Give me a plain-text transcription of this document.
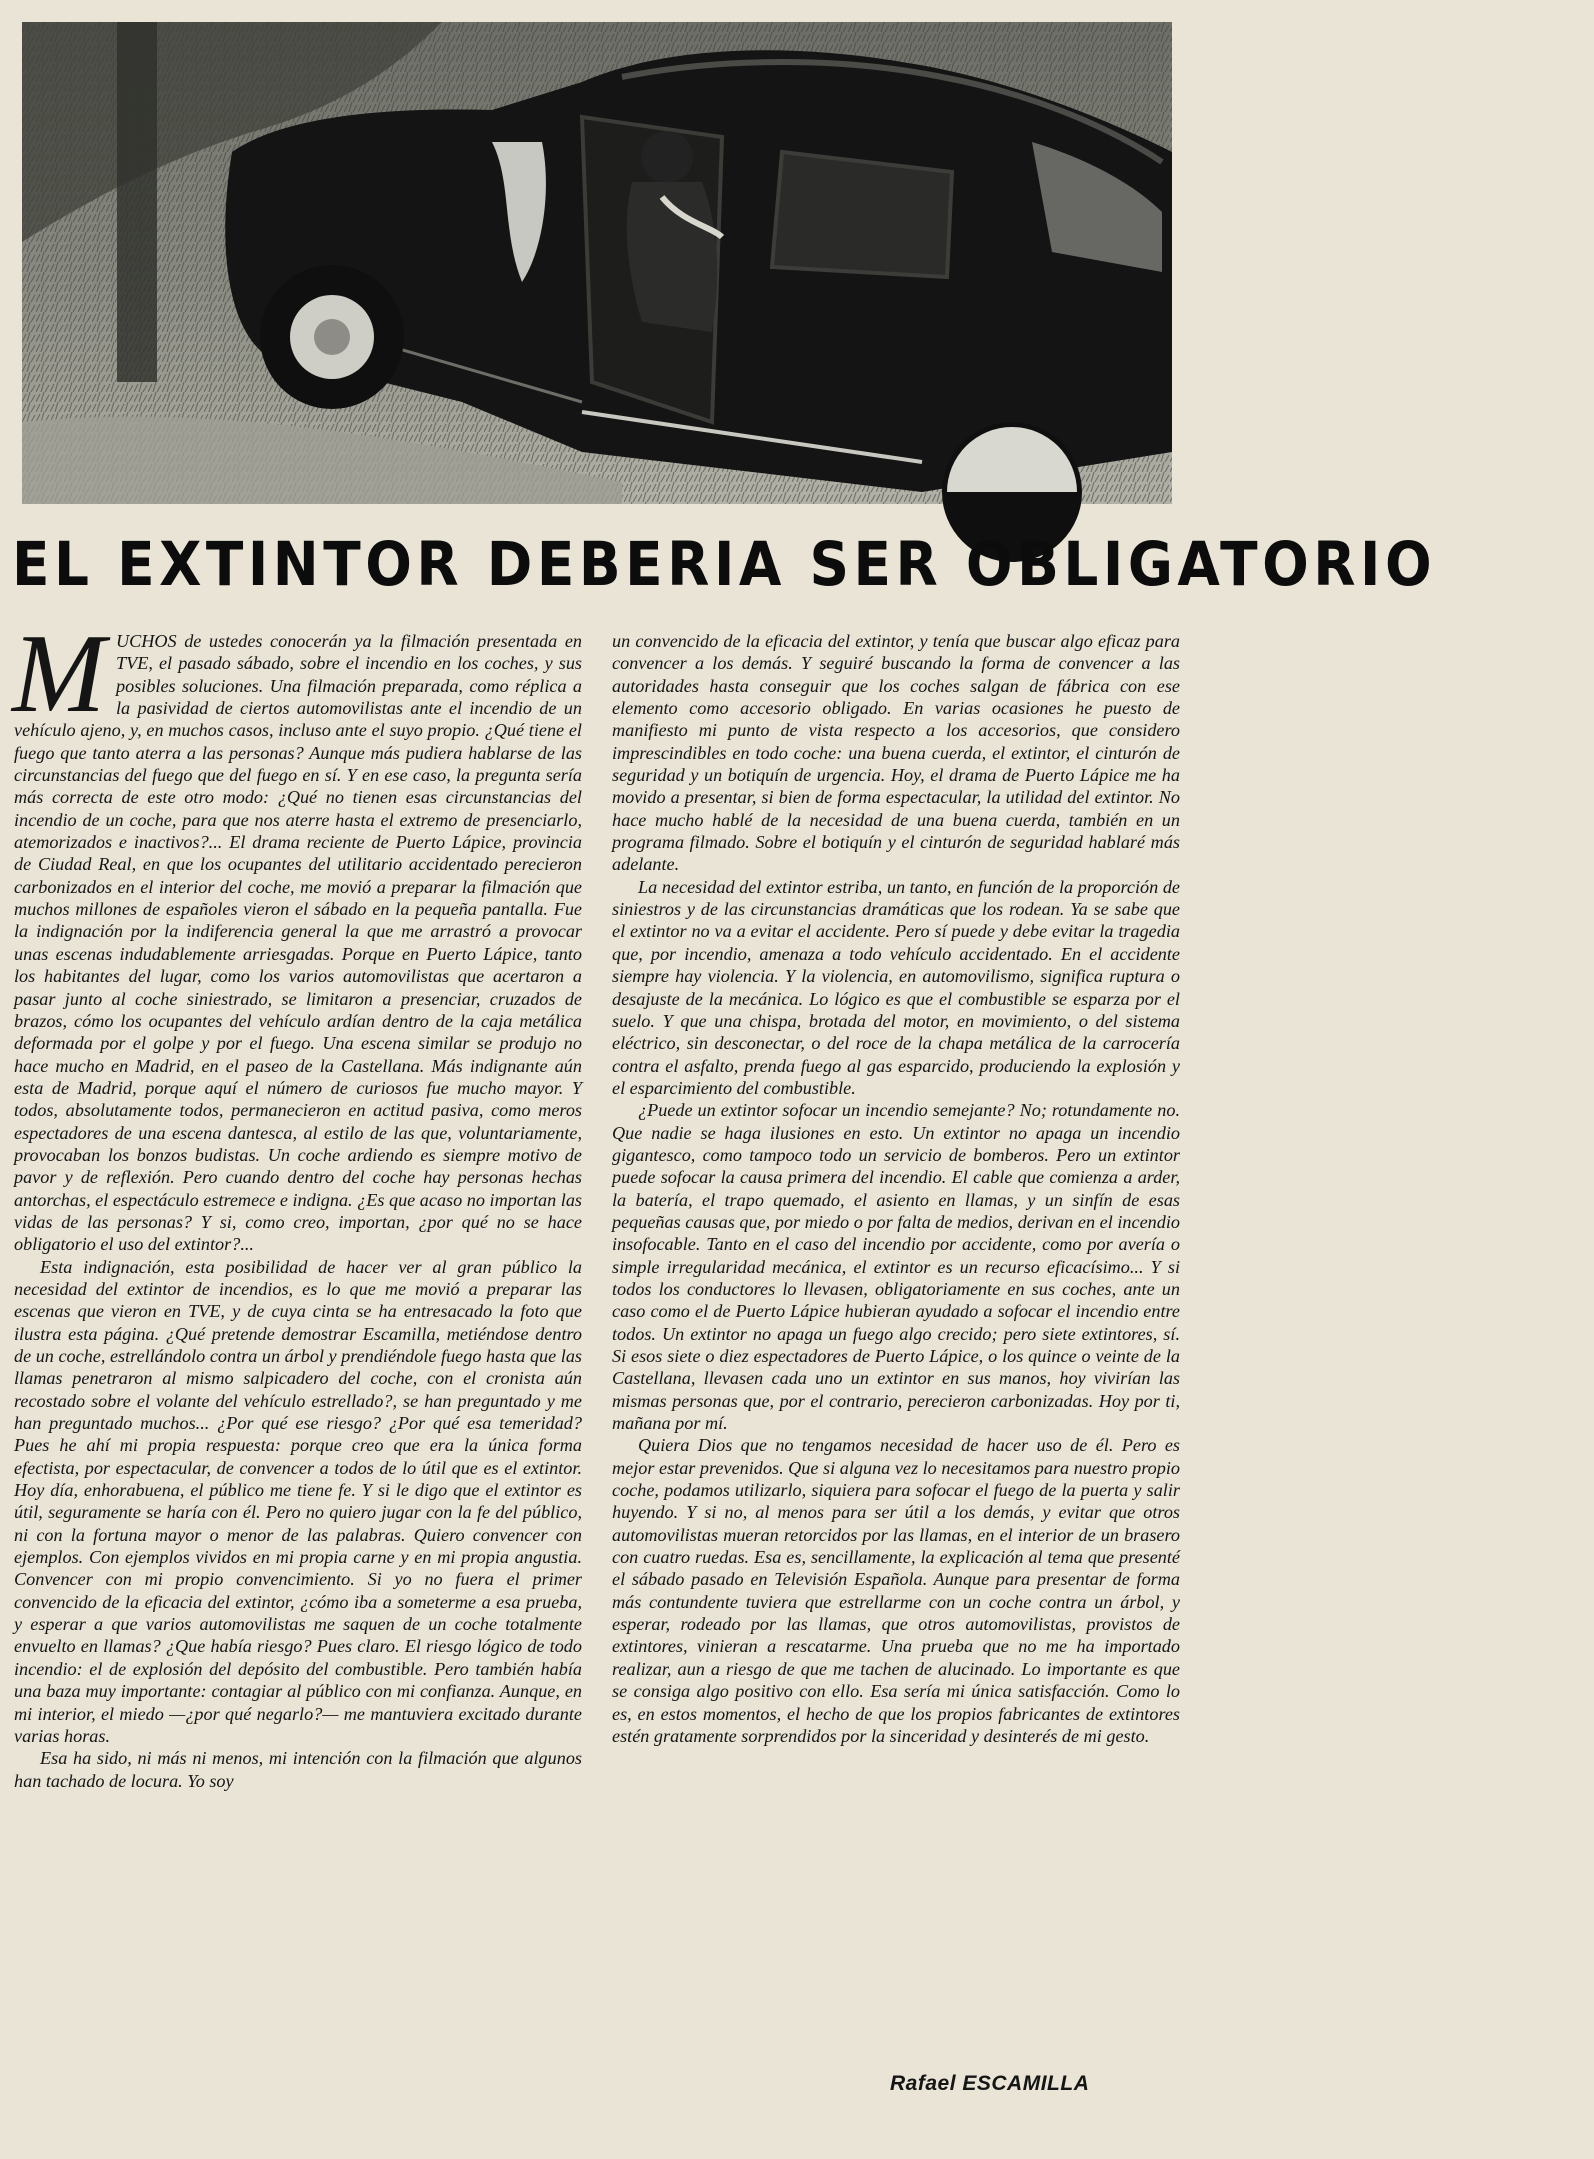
EL EXTINTOR DEBERIA SER OBLIGATORIO
M UCHOS de ustedes conocerán ya la filmación presentada en TVE, el pasado sábado, sobre el incendio en los coches, y sus posibles soluciones. Una filmación preparada, como réplica a la pasividad de ciertos automovilistas ante el incendio de un vehículo ajeno, y, en muchos casos, incluso ante el suyo propio. ¿Qué tiene el fuego que tanto aterra a las personas? Aunque más pudiera hablarse de las circunstancias del fuego que del fuego en sí. Y en ese caso, la pregunta sería más correcta de este otro modo: ¿Qué no tienen esas circunstancias del incendio de un coche, para que nos aterre hasta el extremo de presenciarlo, atemorizados e inactivos?... El drama reciente de Puerto Lápice, provincia de Ciudad Real, en que los ocupantes del utilitario accidentado perecieron carbonizados en el interior del coche, me movió a preparar la filmación que muchos millones de españoles vieron el sábado en la pequeña pantalla. Fue la indignación por la indiferencia general la que me arrastró a provocar unas escenas indudablemente arriesgadas. Porque en Puerto Lápice, tanto los habitantes del lugar, como los varios automovilistas que acertaron a pasar junto al coche siniestrado, se limitaron a presenciar, cruzados de brazos, cómo los ocupantes del vehículo ardían dentro de la caja metálica deformada por el golpe y por el fuego. Una escena similar se produjo no hace mucho en Madrid, en el paseo de la Castellana. Más indignante aún esta de Madrid, porque aquí el número de curiosos fue mucho mayor. Y todos, absolutamente todos, permanecieron en actitud pasiva, como meros espectadores de una escena dantesca, al estilo de las que, voluntariamente, provocaban los bonzos budistas. Un coche ardiendo es siempre motivo de pavor y de reflexión. Pero cuando dentro del coche hay personas hechas antorchas, el espectáculo estremece e indigna. ¿Es que acaso no importan las vidas de las personas? Y si, como creo, importan, ¿por qué no se hace obligatorio el uso del extintor?...

Esta indignación, esta posibilidad de hacer ver al gran público la necesidad del extintor de incendios, es lo que me movió a preparar las escenas que vieron en TVE, y de cuya cinta se ha entresacado la foto que ilustra esta página. ¿Qué pretende demostrar Escamilla, metiéndose dentro de un coche, estrellándolo contra un árbol y prendiéndole fuego hasta que las llamas penetraron al mismo salpicadero del coche, con el cronista aún recostado sobre el volante del vehículo estrellado?, se han preguntado y me han preguntado muchos... ¿Por qué ese riesgo? ¿Por qué esa temeridad? Pues he ahí mi propia respuesta: porque creo que era la única forma efectista, por espectacular, de convencer a todos de lo útil que es el extintor. Hoy día, enhorabuena, el público me tiene fe. Y si le digo que el extintor es útil, seguramente se haría con él. Pero no quiero jugar con la fe del público, ni con la fortuna mayor o menor de las palabras. Quiero convencer con ejemplos. Con ejemplos vividos en mi propia carne y en mi propia angustia. Convencer con mi propio convencimiento. Si yo no fuera el primer convencido de la eficacia del extintor, ¿cómo iba a someterme a esa prueba, y esperar a que varios automovilistas me saquen de un coche totalmente envuelto en llamas? ¿Que había riesgo? Pues claro. El riesgo lógico de todo incendio: el de explosión del depósito del combustible. Pero también había una baza muy importante: contagiar al público con mi confianza. Aunque, en mi interior, el miedo —¿por qué negarlo?— me mantuviera excitado durante varias horas.

Esa ha sido, ni más ni menos, mi intención con la filmación que algunos han tachado de locura. Yo soy

un convencido de la eficacia del extintor, y tenía que buscar algo eficaz para convencer a los demás. Y seguiré buscando la forma de convencer a las autoridades hasta conseguir que los coches salgan de fábrica con ese elemento como accesorio obligado. En varias ocasiones he puesto de manifiesto mi punto de vista respecto a los accesorios, que considero imprescindibles en todo coche: una buena cuerda, el extintor, el cinturón de seguridad y un botiquín de urgencia. Hoy, el drama de Puerto Lápice me ha movido a presentar, si bien de forma espectacular, la utilidad del extintor. No hace mucho hablé de la necesidad de una buena cuerda, también en un programa filmado. Sobre el botiquín y el cinturón de seguridad hablaré más adelante.

La necesidad del extintor estriba, un tanto, en función de la proporción de siniestros y de las circunstancias dramáticas que los rodean. Ya se sabe que el extintor no va a evitar el accidente. Pero sí puede y debe evitar la tragedia que, por incendio, amenaza a todo vehículo accidentado. En el accidente siempre hay violencia. Y la violencia, en automovilismo, significa ruptura o desajuste de la mecánica. Lo lógico es que el combustible se esparza por el suelo. Y que una chispa, brotada del motor, en movimiento, o del sistema eléctrico, sin desconectar, o del roce de la chapa metálica de la carrocería contra el asfalto, prenda fuego al gas esparcido, produciendo la explosión y el esparcimiento del combustible.

¿Puede un extintor sofocar un incendio semejante? No; rotundamente no. Que nadie se haga ilusiones en esto. Un extintor no apaga un incendio gigantesco, como tampoco todo un servicio de bomberos. Pero un extintor puede sofocar la causa primera del incendio. El cable que comienza a arder, la batería, el trapo quemado, el asiento en llamas, y un sinfín de esas pequeñas causas que, por miedo o por falta de medios, derivan en el incendio insofocable. Tanto en el caso del incendio por accidente, como por avería o simple irregularidad mecánica, el extintor es un recurso eficacísimo... Y si todos los conductores lo llevasen, obligatoriamente en sus coches, ante un caso como el de Puerto Lápice hubieran ayudado a sofocar el incendio entre todos. Un extintor no apaga un fuego algo crecido; pero siete extintores, sí. Si esos siete o diez espectadores de Puerto Lápice, o los quince o veinte de la Castellana, llevasen cada uno un extintor en sus manos, hoy vivirían las mismas personas que, por el contrario, perecieron carbonizadas. Hoy por ti, mañana por mí.

Quiera Dios que no tengamos necesidad de hacer uso de él. Pero es mejor estar prevenidos. Que si alguna vez lo necesitamos para nuestro propio coche, podamos utilizarlo, siquiera para sofocar el fuego de la puerta y salir huyendo. Y si no, al menos para ser útil a los demás, y evitar que otros automovilistas mueran retorcidos por las llamas, en el interior de un brasero con cuatro ruedas. Esa es, sencillamente, la explicación al tema que presenté el sábado pasado en Televisión Española. Aunque para presentar de forma más contundente tuviera que estrellarme con un coche contra un árbol, y esperar, rodeado por las llamas, que otros automovilistas, provistos de extintores, vinieran a rescatarme. Una prueba que no me ha importado realizar, aun a riesgo de que me tachen de alucinado. Lo importante es que se consiga algo positivo con ello. Esa sería mi única satisfacción. Como lo es, en estos momentos, el hecho de que los propios fabricantes de extintores estén gratamente sorprendidos por la sinceridad y desinterés de mi gesto.

Rafael ESCAMILLA
